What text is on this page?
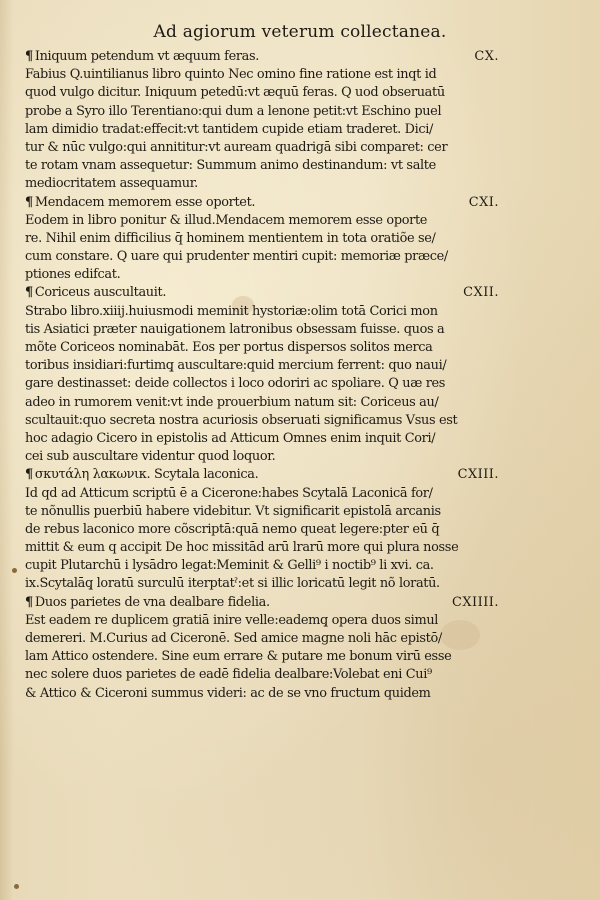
Ad agiorum veterum collectanea.
¶ Iniquum petendum vt æquum feras.	CX.
Fabius Q.uintilianus libro quinto Nec omino fine ratione est inqt id
quod vulgo dicitur. Iniquum petedū:vt æquū feras. Q uod obseruatū
probe a Syro illo Terentiano:qui dum a lenone petit:vt Eschino puel
lam dimidio tradat:effecit:vt tantidem cupide etiam traderet. Dici/
tur & nūc vulgo:qui annititur:vt auream quadrigā sibi comparet: cer
te rotam vnam assequetur: Summum animo destinandum: vt salte
mediocritatem assequamur.
¶ Mendacem memorem esse oportet.	CXI.
Eodem in libro ponitur & illud.Mendacem memorem esse oporte
re. Nihil enim difficilius q̄ hominem mentientem in tota oratiõe se/
cum constare. Q uare qui prudenter mentiri cupit: memoriæ præce/
ptiones edifcat.
¶ Coriceus auscultauit.	CXII.
Strabo libro.xiiij.huiusmodi meminit hystoriæ:olim totā Corici mon
tis Asiatici præter nauigationem latronibus obsessam fuisse. quos a
mõte Coriceos nominabāt. Eos per portus dispersos solitos merca
toribus insidiari:furtimq̧ auscultare:quid mercium ferrent: quo naui/
gare destinasset: deide collectos i loco odoriri ac spoliare. Q uæ res
adeo in rumorem venit:vt inde prouerbium natum sit: Coriceus au/
scultauit:quo secreta nostra acuriosis obseruati significamus Vsus est
hoc adagio Cicero in epistolis ad Atticum Omnes enim inquit Cori/
cei sub auscultare videntur quod loquor.
¶ σκυτάλη λακωνικ. Scytala laconica.	CXIII.
Id qd ad Atticum scriptū ē a Cicerone:habes Scytalā Laconicā for/
te nõnullis puerbiū habere videbitur. Vt significarit epistolā arcanis
de rebus laconico more cõscriptā:quā nemo queat legere:pter eū q̄
mittit & eum q accipit De hoc missitād arū lrarū more qui plura nosse
cupit Plutarchū i lysādro legat:Meminit & Gelli⁹ i noctib⁹ li xvi. ca.
ix.Scytalāq̧ loratū surculū iterptatˀ:et si illic loricatū legit nõ loratū.
¶ Duos parietes de vna dealbare fidelia.	CXIIII.
Est eadem re duplicem gratiā inire velle:eademq̧ opera duos simul
demereri. M.Curius ad Ciceronē. Sed amice magne noli hāc epistō/
lam Attico ostendere. Sine eum errare & putare me bonum virū esse
nec solere duos parietes de eadē fidelia dealbare:Volebat eni Cui⁹
& Attico & Ciceroni summus videri: ac de se vno fructum quidem
